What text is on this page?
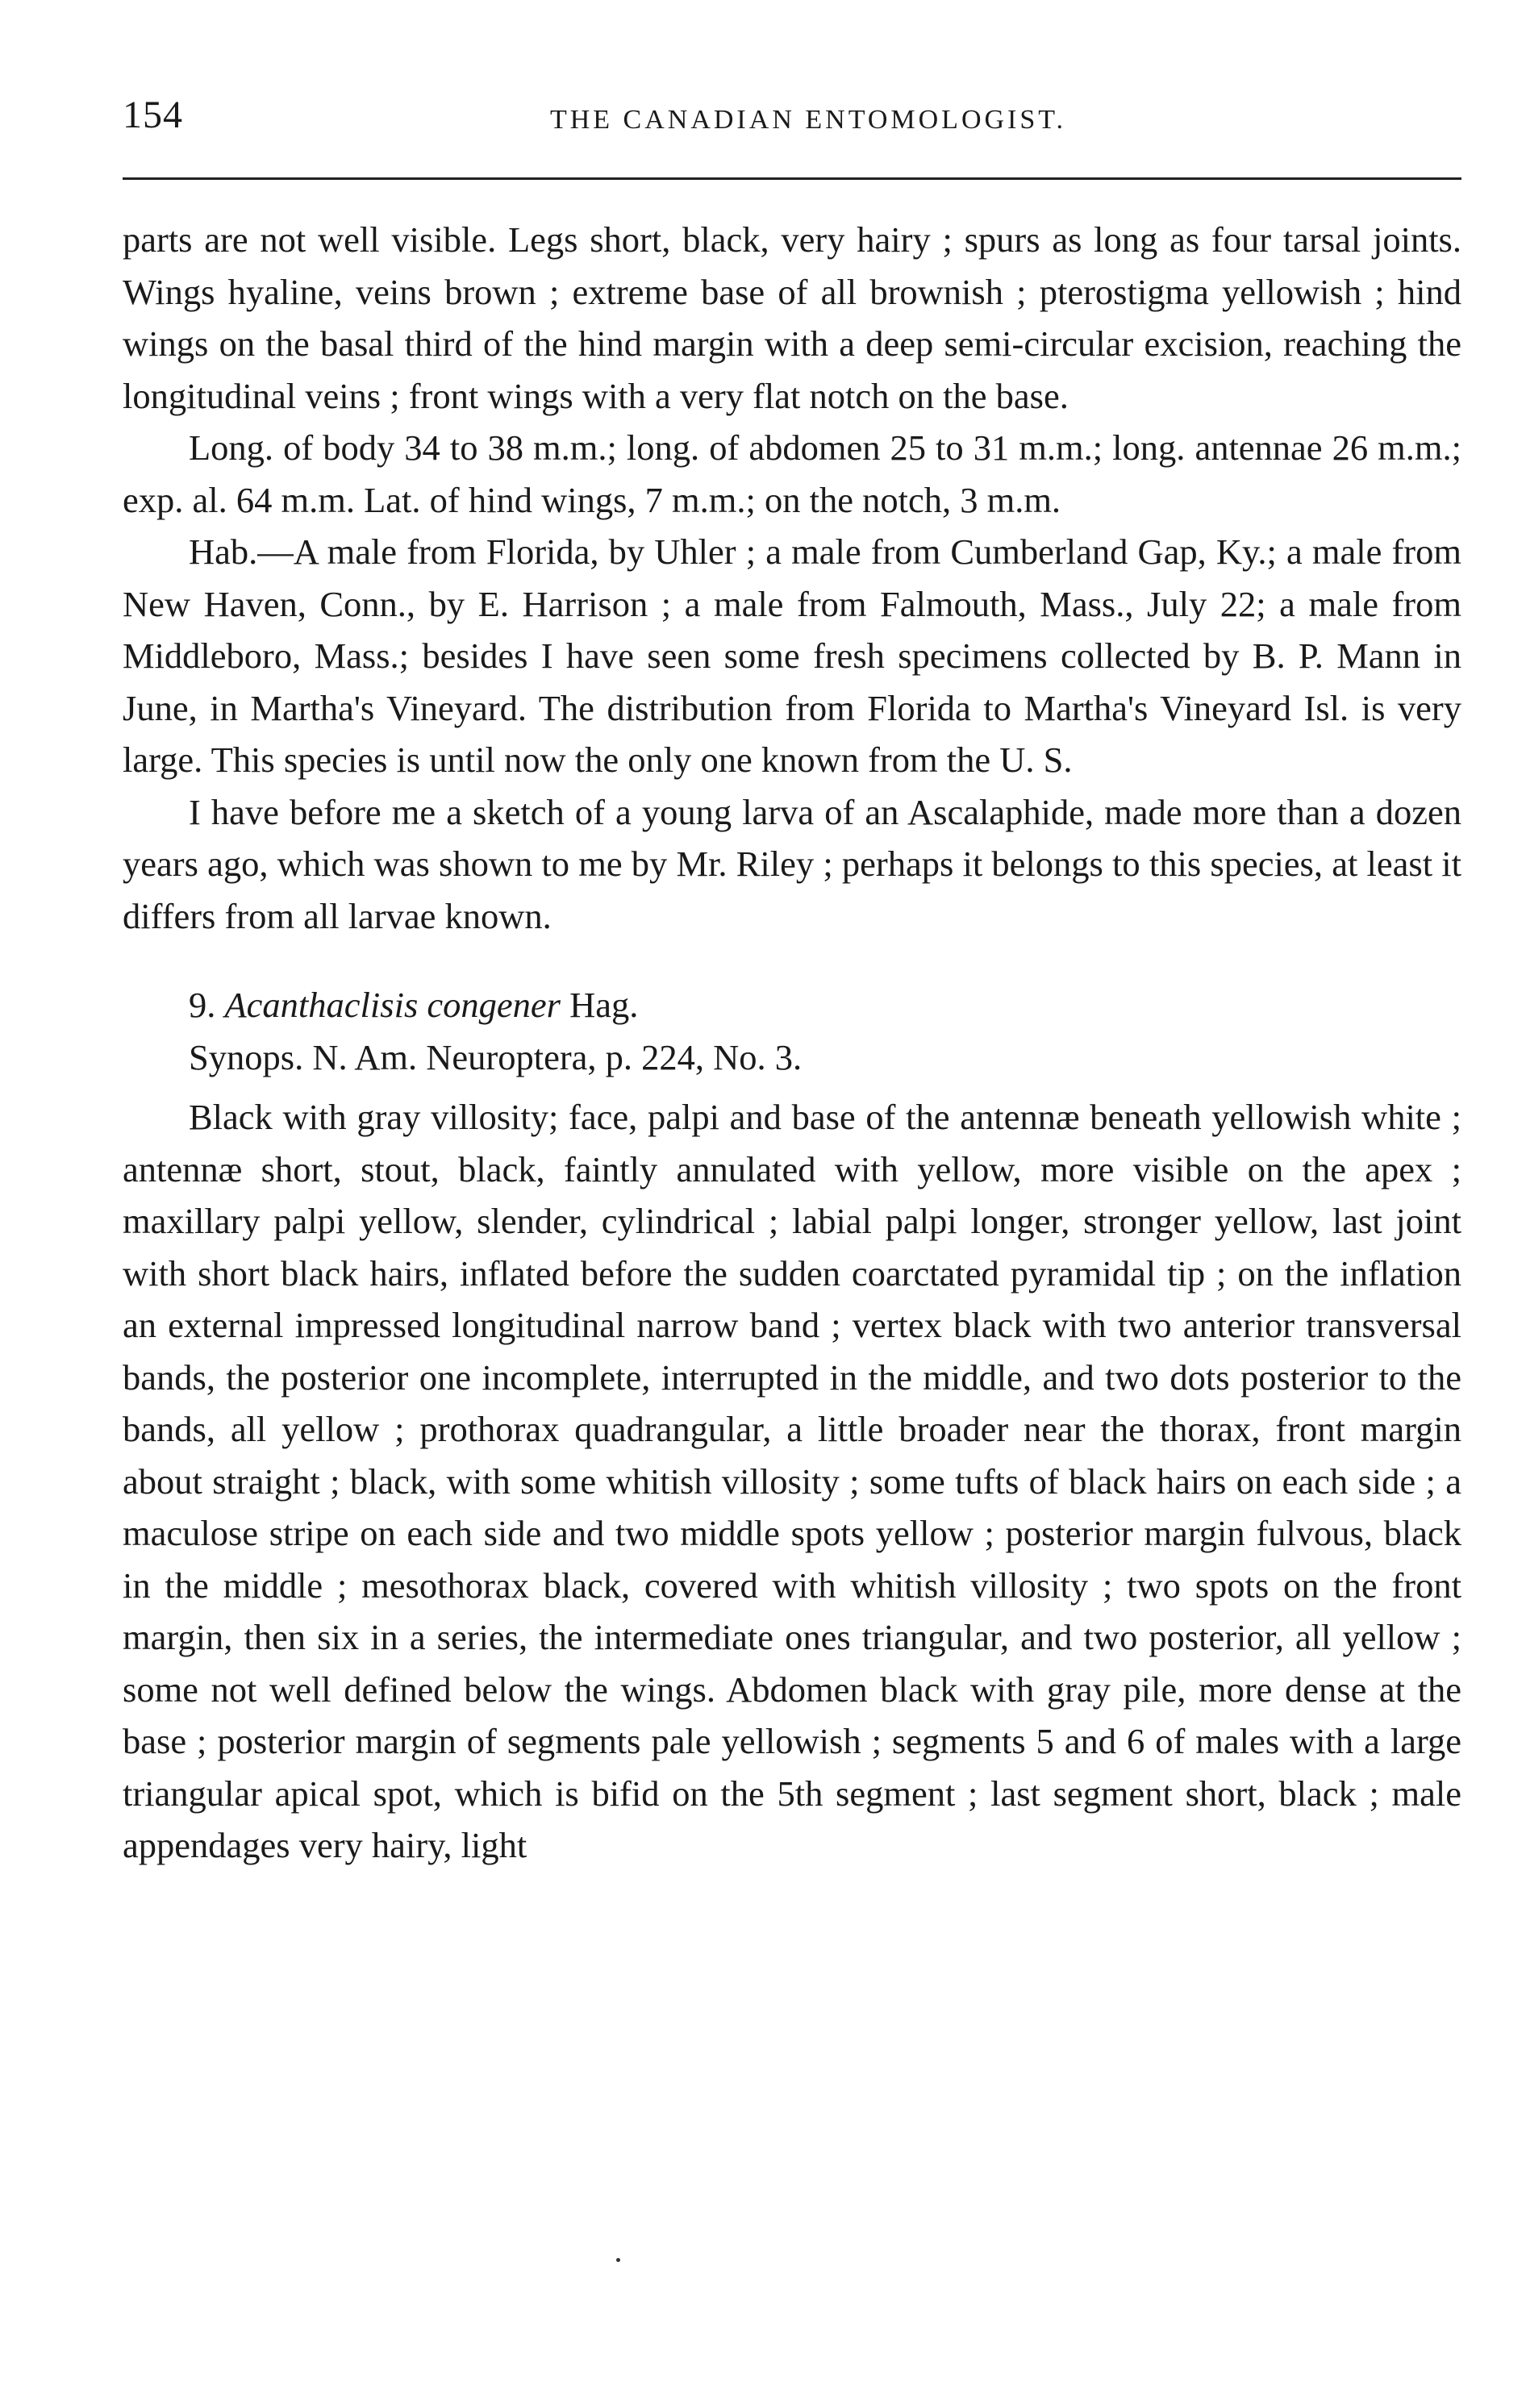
154	THE CANADIAN ENTOMOLOGIST.

parts are not well visible. Legs short, black, very hairy ; spurs as long as four tarsal joints. Wings hyaline, veins brown ; extreme base of all brownish ; pterostigma yellowish ; hind wings on the basal third of the hind margin with a deep semi-circular excision, reaching the longitudinal veins ; front wings with a very flat notch on the base.

Long. of body 34 to 38 m.m.; long. of abdomen 25 to 31 m.m.; long. antennae 26 m.m.; exp. al. 64 m.m. Lat. of hind wings, 7 m.m.; on the notch, 3 m.m.

Hab.—A male from Florida, by Uhler ; a male from Cumberland Gap, Ky.; a male from New Haven, Conn., by E. Harrison ; a male from Falmouth, Mass., July 22; a male from Middleboro, Mass.; besides I have seen some fresh specimens collected by B. P. Mann in June, in Martha's Vineyard. The distribution from Florida to Martha's Vineyard Isl. is very large. This species is until now the only one known from the U. S.

I have before me a sketch of a young larva of an Ascalaphide, made more than a dozen years ago, which was shown to me by Mr. Riley ; perhaps it belongs to this species, at least it differs from all larvae known.

9. Acanthaclisis congener Hag.

Synops. N. Am. Neuroptera, p. 224, No. 3.

Black with gray villosity; face, palpi and base of the antennæ beneath yellowish white ; antennæ short, stout, black, faintly annulated with yellow, more visible on the apex ; maxillary palpi yellow, slender, cylindrical ; labial palpi longer, stronger yellow, last joint with short black hairs, inflated before the sudden coarctated pyramidal tip ; on the inflation an external impressed longitudinal narrow band ; vertex black with two anterior transversal bands, the posterior one incomplete, interrupted in the middle, and two dots posterior to the bands, all yellow ; prothorax quadrangular, a little broader near the thorax, front margin about straight ; black, with some whitish villosity ; some tufts of black hairs on each side ; a maculose stripe on each side and two middle spots yellow ; posterior margin fulvous, black in the middle ; mesothorax black, covered with whitish villosity ; two spots on the front margin, then six in a series, the intermediate ones triangular, and two posterior, all yellow ; some not well defined below the wings. Abdomen black with gray pile, more dense at the base ; posterior margin of segments pale yellowish ; segments 5 and 6 of males with a large triangular apical spot, which is bifid on the 5th segment ; last segment short, black ; male appendages very hairy, light
